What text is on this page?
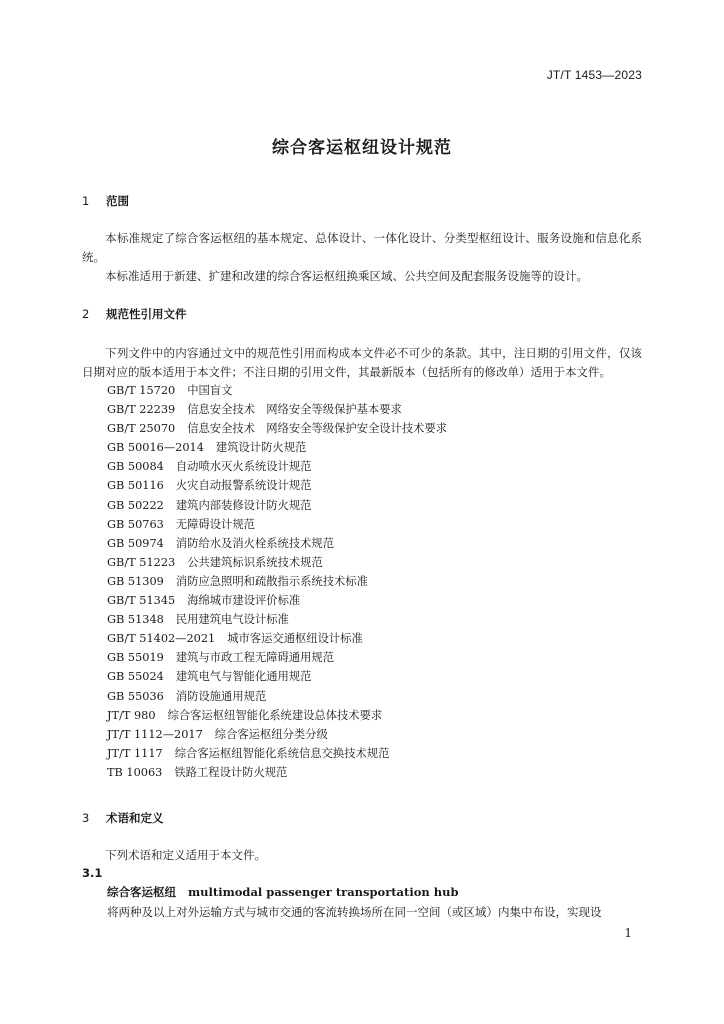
JT/T 1453—2023
综合客运枢纽设计规范
1 范围
本标准规定了综合客运枢纽的基本规定、总体设计、一体化设计、分类型枢纽设计、服务设施和信息化系统。
本标准适用于新建、扩建和改建的综合客运枢纽换乘区域、公共空间及配套服务设施等的设计。
2 规范性引用文件
下列文件中的内容通过文中的规范性引用而构成本文件必不可少的条款。其中，注日期的引用文件，仅该日期对应的版本适用于本文件；不注日期的引用文件，其最新版本（包括所有的修改单）适用于本文件。
GB/T 15720 中国盲文
GB/T 22239 信息安全技术　网络安全等级保护基本要求
GB/T 25070 信息安全技术　网络安全等级保护安全设计技术要求
GB 50016—2014 建筑设计防火规范
GB 50084 自动喷水灭火系统设计规范
GB 50116 火灾自动报警系统设计规范
GB 50222 建筑内部装修设计防火规范
GB 50763 无障碍设计规范
GB 50974 消防给水及消火栓系统技术规范
GB/T 51223 公共建筑标识系统技术规范
GB 51309 消防应急照明和疏散指示系统技术标准
GB/T 51345 海绵城市建设评价标准
GB 51348 民用建筑电气设计标准
GB/T 51402—2021 城市客运交通枢纽设计标准
GB 55019 建筑与市政工程无障碍通用规范
GB 55024 建筑电气与智能化通用规范
GB 55036 消防设施通用规范
JT/T 980 综合客运枢纽智能化系统建设总体技术要求
JT/T 1112—2017 综合客运枢纽分类分级
JT/T 1117 综合客运枢纽智能化系统信息交换技术规范
TB 10063 铁路工程设计防火规范
3 术语和定义
下列术语和定义适用于本文件。
3.1
综合客运枢纽 multimodal passenger transportation hub
将两种及以上对外运输方式与城市交通的客流转换场所在同一空间（或区域）内集中布设，实现设
1
